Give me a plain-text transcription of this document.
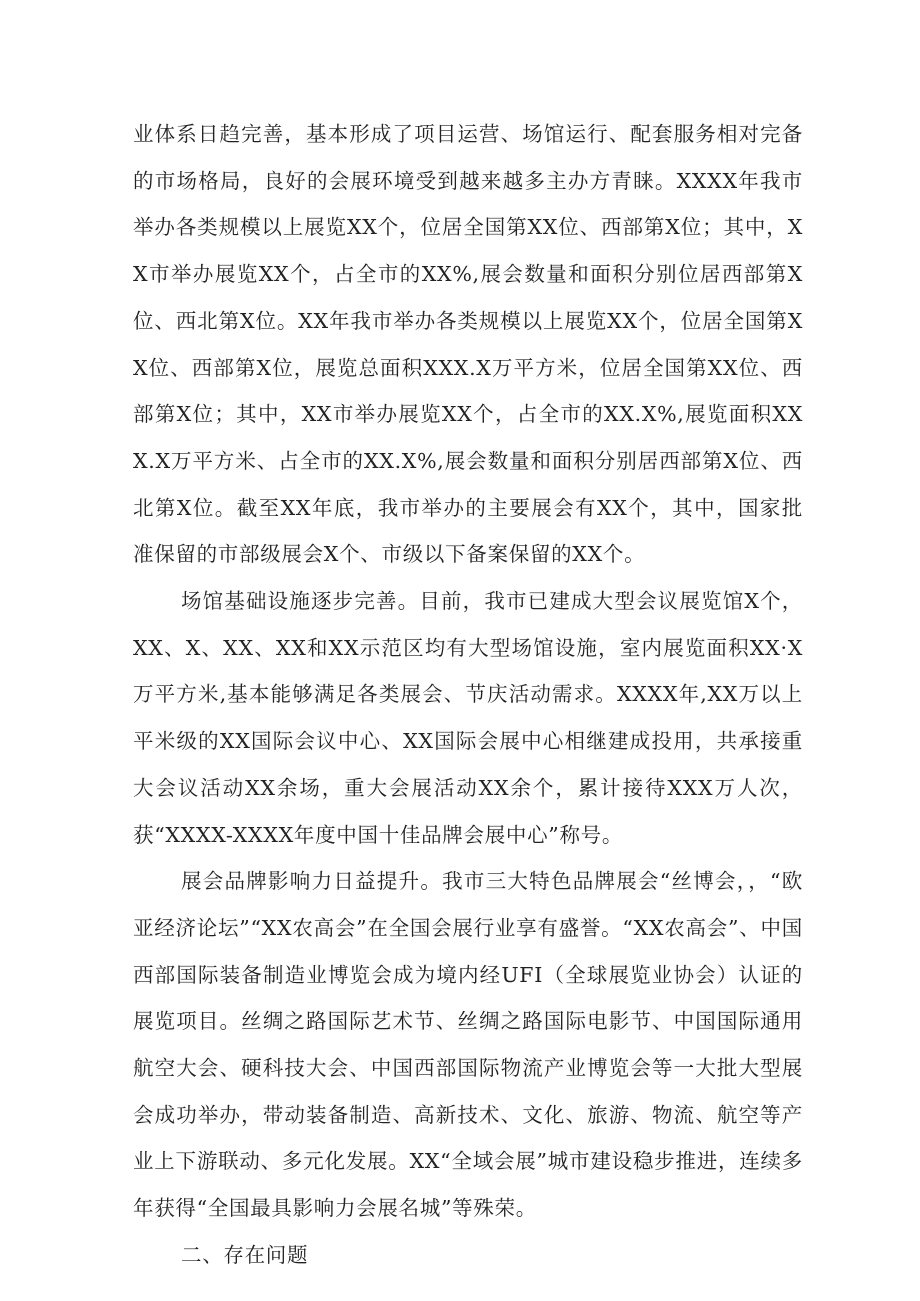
业体系日趋完善，基本形成了项目运营、场馆运行、配套服务相对完备的市场格局，良好的会展环境受到越来越多主办方青睐。XXXX年我市举办各类规模以上展览XX个，位居全国第XX位、西部第X位；其中，XX市举办展览XX个，占全市的XX%,展会数量和面积分别位居西部第X位、西北第X位。XX年我市举办各类规模以上展览XX个，位居全国第XX位、西部第X位，展览总面积XXX.X万平方米，位居全国第XX位、西部第X位；其中，XX市举办展览XX个，占全市的XX.X%,展览面积XXX.X万平方米、占全市的XX.X%,展会数量和面积分别居西部第X位、西北第X位。截至XX年底，我市举办的主要展会有XX个，其中，国家批准保留的市部级展会X个、市级以下备案保留的XX个。

场馆基础设施逐步完善。目前，我市已建成大型会议展览馆X个，XX、X、XX、XX和XX示范区均有大型场馆设施，室内展览面积XX·X万平方米,基本能够满足各类展会、节庆活动需求。XXXX年,XX万以上平米级的XX国际会议中心、XX国际会展中心相继建成投用，共承接重大会议活动XX余场，重大会展活动XX余个，累计接待XXX万人次，获“XXXX-XXXX年度中国十佳品牌会展中心”称号。

展会品牌影响力日益提升。我市三大特色品牌展会“丝博会，，“欧亚经济论坛”“XX农高会”在全国会展行业享有盛誉。“XX农高会”、中国西部国际装备制造业博览会成为境内经UFI（全球展览业协会）认证的展览项目。丝绸之路国际艺术节、丝绸之路国际电影节、中国国际通用航空大会、硬科技大会、中国西部国际物流产业博览会等一大批大型展会成功举办，带动装备制造、高新技术、文化、旅游、物流、航空等产业上下游联动、多元化发展。XX“全域会展”城市建设稳步推进，连续多年获得“全国最具影响力会展名城”等殊荣。

二、存在问题
